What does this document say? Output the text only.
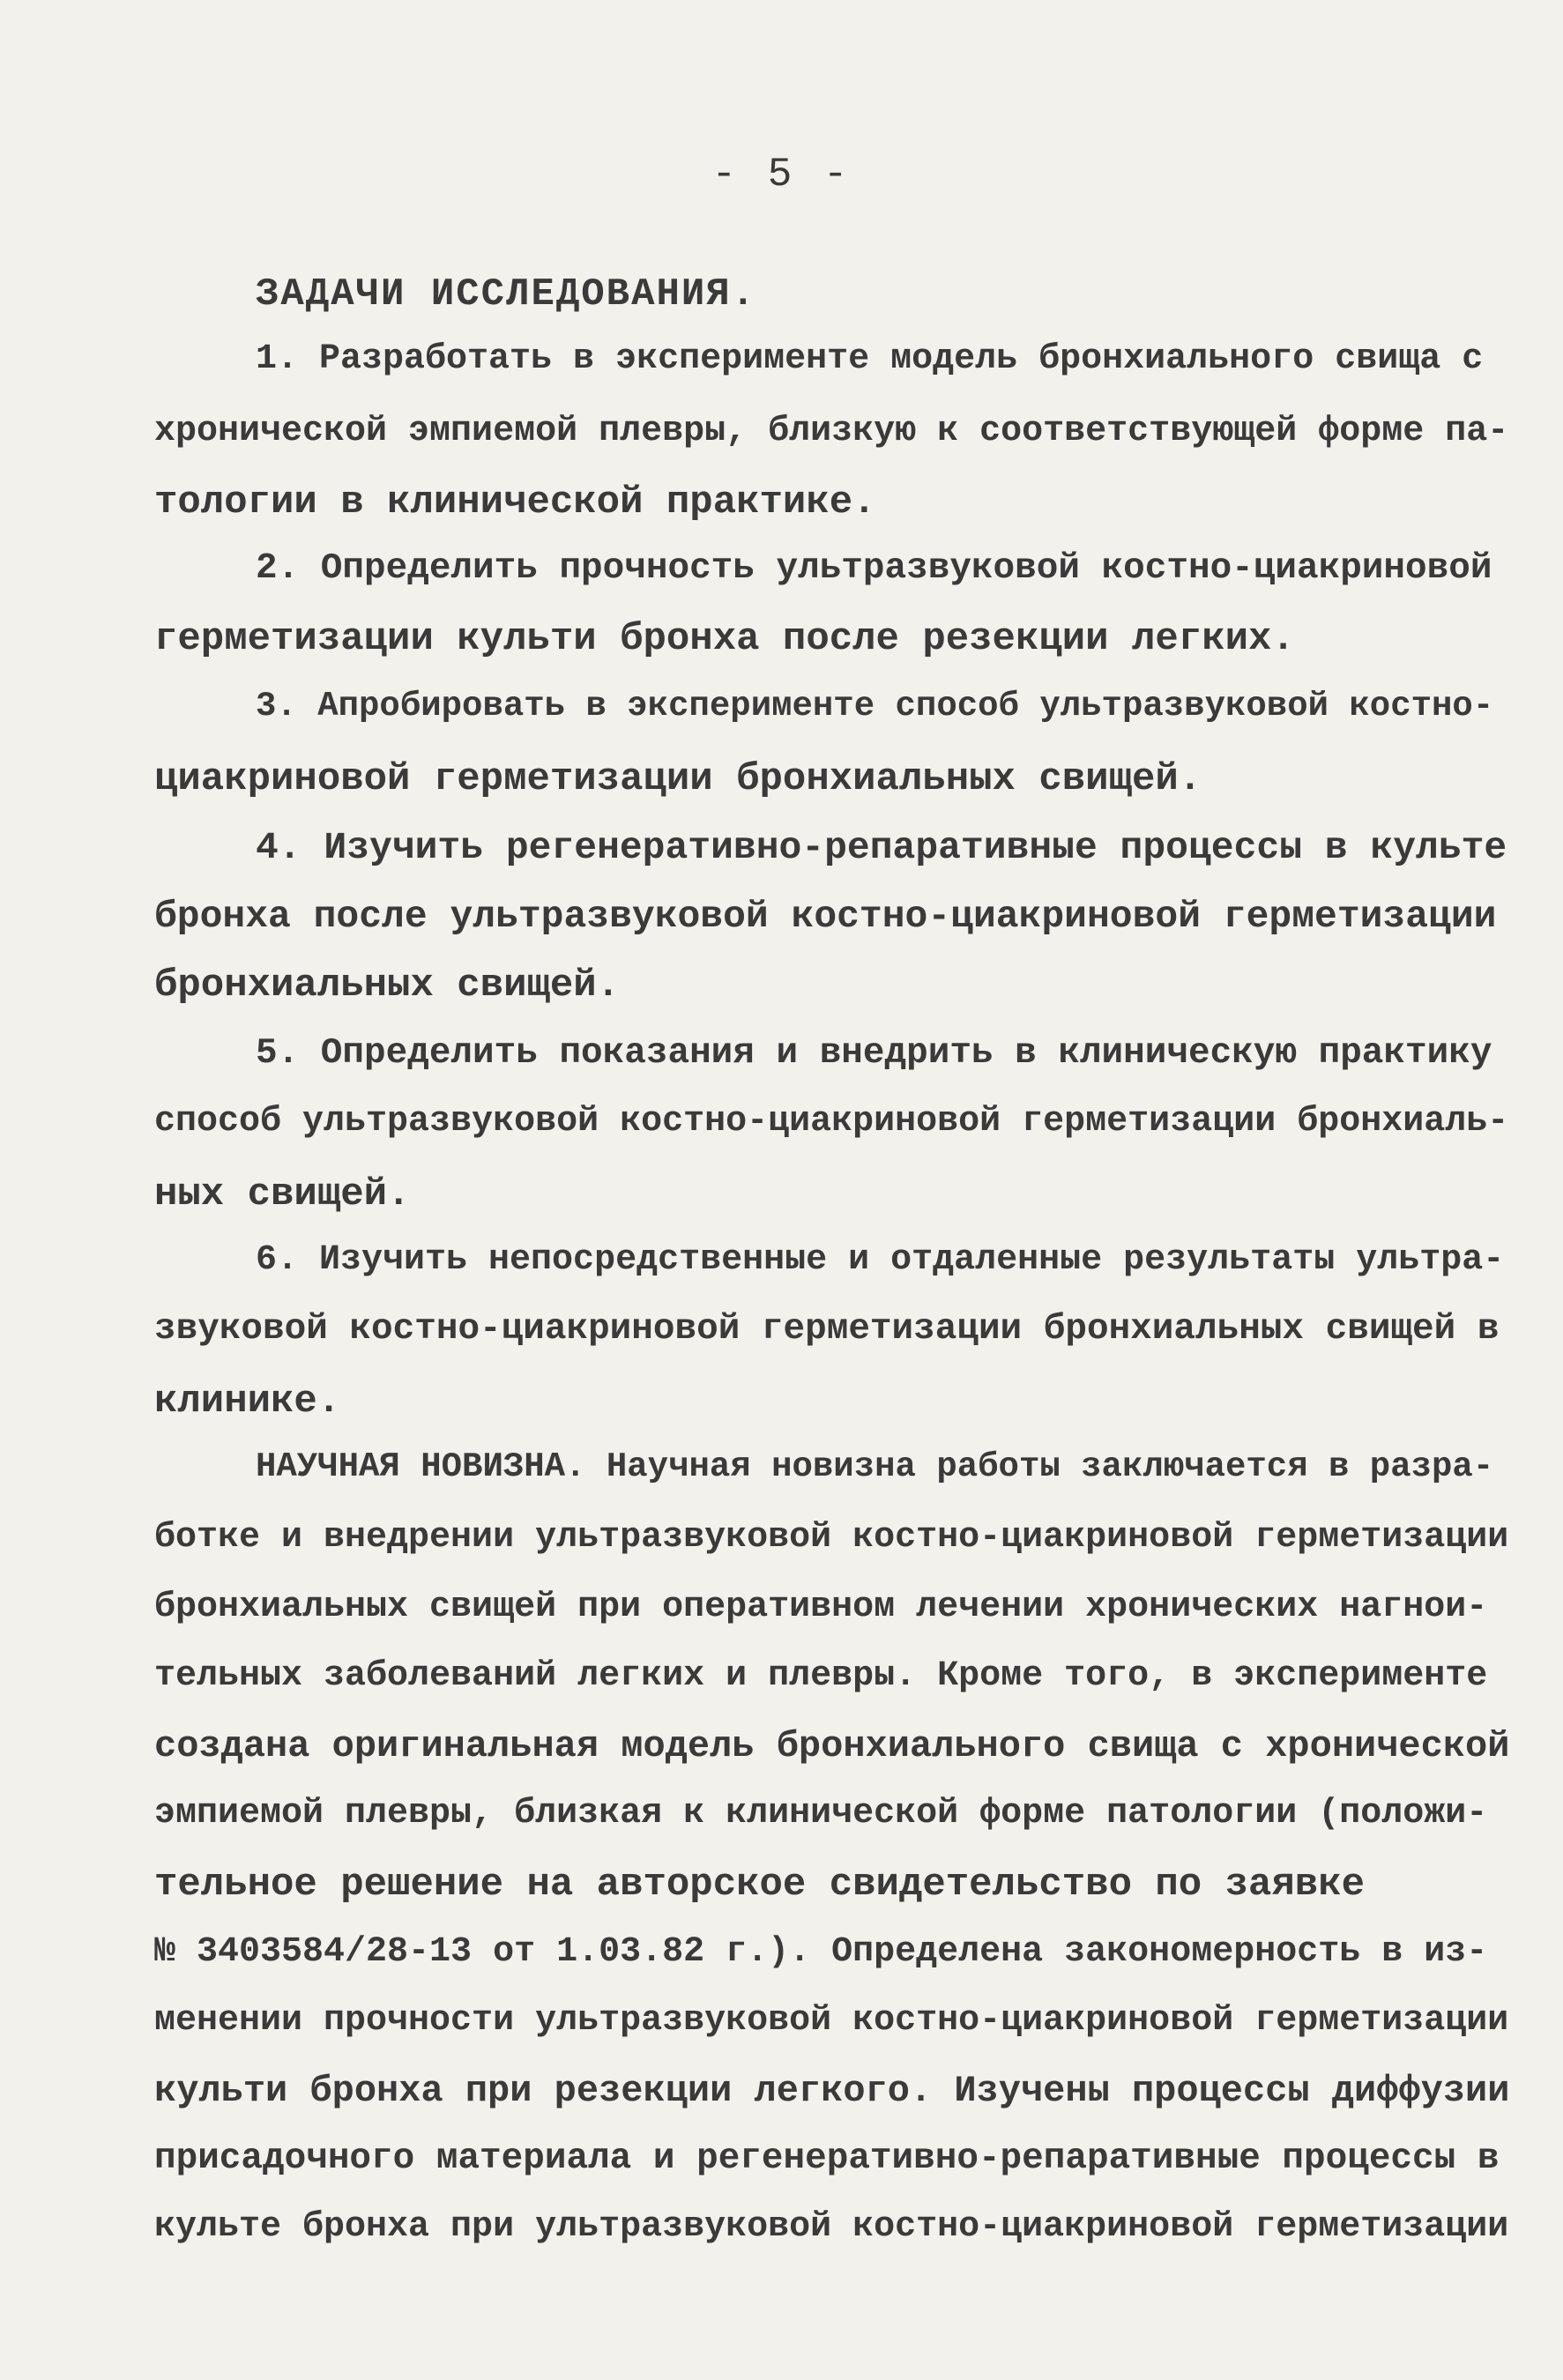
- 5 -
ЗАДАЧИ ИССЛЕДОВАНИЯ.
1. Разработать в эксперименте модель бронхиального свища с
хронической эмпиемой плевры, близкую к соответствующей форме па-
тологии в клинической практике.
2. Определить прочность ультразвуковой костно-циакриновой
герметизации культи бронха после резекции легких.
3. Апробировать в эксперименте способ ультразвуковой костно-
циакриновой герметизации бронхиальных свищей.
4. Изучить регенеративно-репаративные процессы в культе
бронха после ультразвуковой костно-циакриновой герметизации
бронхиальных свищей.
5. Определить показания и внедрить в клиническую практику
способ ультразвуковой костно-циакриновой герметизации бронхиаль-
ных свищей.
6. Изучить непосредственные и отдаленные результаты ультра-
звуковой костно-циакриновой герметизации бронхиальных свищей в
клинике.
НАУЧНАЯ НОВИЗНА. Научная новизна работы заключается в разра-
ботке и внедрении ультразвуковой костно-циакриновой герметизации
бронхиальных свищей при оперативном лечении хронических нагнои-
тельных заболеваний легких и плевры. Кроме того, в эксперименте
создана оригинальная модель бронхиального свища с хронической
эмпиемой плевры, близкая к клинической форме патологии (положи-
тельное решение на авторское свидетельство по заявке
№ 3403584/28-13 от 1.03.82 г.). Определена закономерность в из-
менении прочности ультразвуковой костно-циакриновой герметизации
культи бронха при резекции легкого. Изучены процессы диффузии
присадочного материала и регенеративно-репаративные процессы в
культе бронха при ультразвуковой костно-циакриновой герметизации
